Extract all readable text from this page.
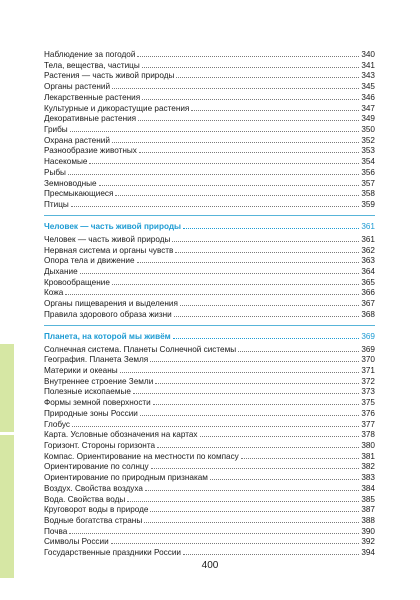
Наблюдение за погодой	340
Тела, вещества, частицы	341
Растения — часть живой природы	343
Органы растений	345
Лекарственные растения	346
Культурные и дикорастущие растения	347
Декоративные растения	349
Грибы	350
Охрана растений	352
Разнообразие животных	353
Насекомые	354
Рыбы	356
Земноводные	357
Пресмыкающиеся	358
Птицы	359
Человек — часть живой природы	361
Человек — часть живой природы	361
Нервная система и органы чувств	362
Опора тела и движение	363
Дыхание	364
Кровообращение	365
Кожа	366
Органы пищеварения и выделения	367
Правила здорового образа жизни	368
Планета, на которой мы живём	369
Солнечная система. Планеты Солнечной системы	369
География. Планета Земля	370
Материки и океаны	371
Внутреннее строение Земли	372
Полезные ископаемые	373
Формы земной поверхности	375
Природные зоны России	376
Глобус	377
Карта. Условные обозначения на картах	378
Горизонт. Стороны горизонта	380
Компас. Ориентирование на местности по компасу	381
Ориентирование по солнцу	382
Ориентирование по природным признакам	383
Воздух. Свойства воздуха	384
Вода. Свойства воды	385
Круговорот воды в природе	387
Водные богатства страны	388
Почва	390
Символы России	392
Государственные праздники России	394
400
